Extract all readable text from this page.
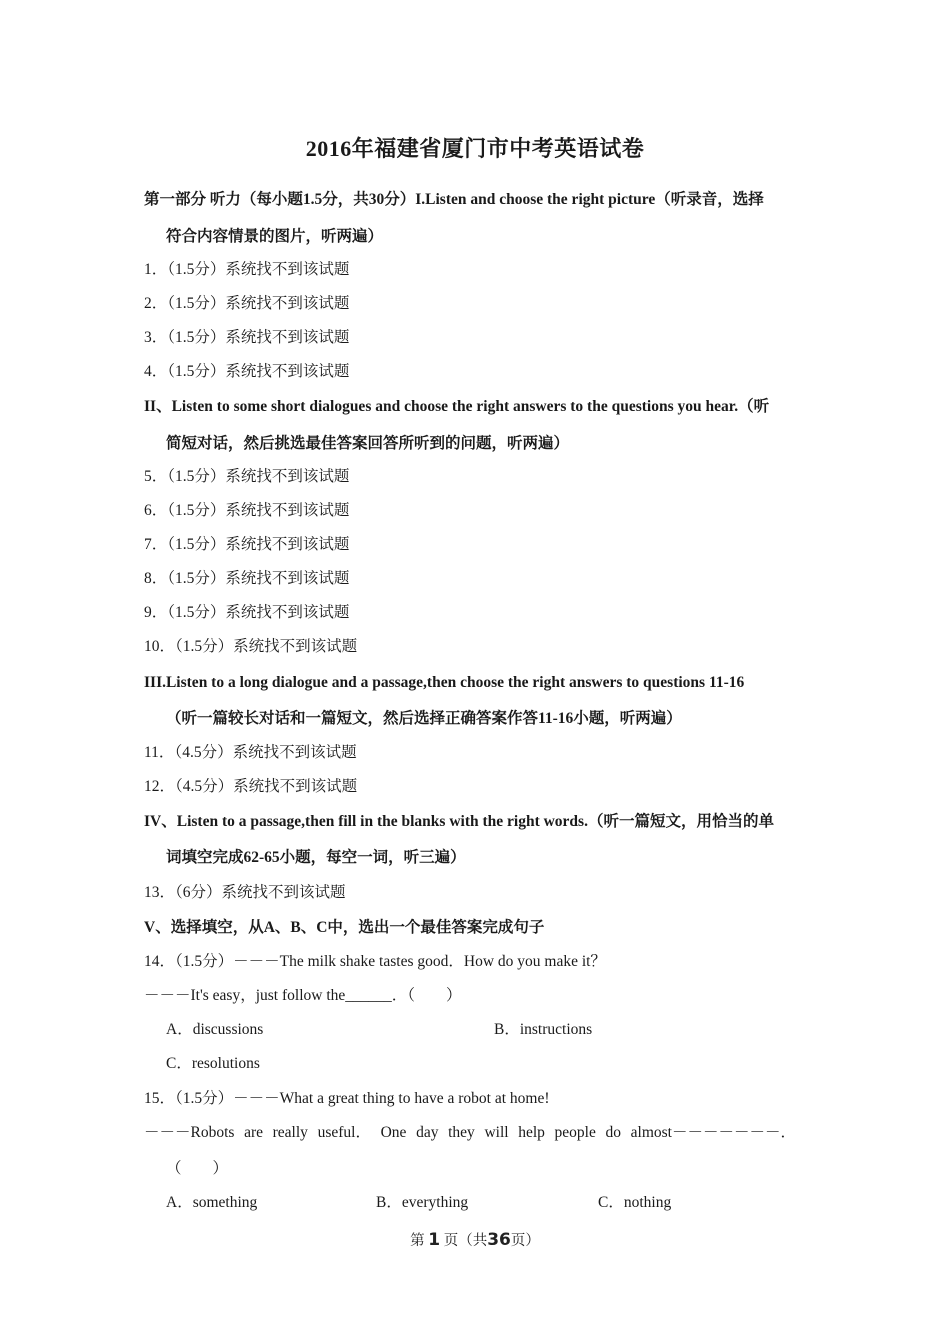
2016年福建省厦门市中考英语试卷
第一部分 听力（每小题1.5分，共30分）I.Listen and choose the right picture（听录音，选择
符合内容情景的图片，听两遍）
1．（1.5分）系统找不到该试题
2．（1.5分）系统找不到该试题
3．（1.5分）系统找不到该试题
4．（1.5分）系统找不到该试题
II、Listen to some short dialogues and choose the right answers to the questions you hear.（听
简短对话，然后挑选最佳答案回答所听到的问题，听两遍）
5．（1.5分）系统找不到该试题
6．（1.5分）系统找不到该试题
7．（1.5分）系统找不到该试题
8．（1.5分）系统找不到该试题
9．（1.5分）系统找不到该试题
10．（1.5分）系统找不到该试题
III.Listen to a long dialogue and a passage,then choose the right answers to questions 11-16
（听一篇较长对话和一篇短文，然后选择正确答案作答11-16小题，听两遍）
11．（4.5分）系统找不到该试题
12．（4.5分）系统找不到该试题
IV、Listen to a passage,then fill in the blanks with the right words.（听一篇短文，用恰当的单
词填空完成62-65小题，每空一词，听三遍）
13．（6分）系统找不到该试题
V、选择填空，从A、B、C中，选出一个最佳答案完成句子
14．（1.5分）－－－The milk shake tastes good．How do you make it？
－－－It's easy，just follow the______．（　　）
A．discussions	B．instructions
C．resolutions
15．（1.5分）－－－What a great thing to have a robot at home!
－－－Robots are really useful． One day they will help people do almost－－－－－－－．
（　　）
A．something	B．everything	C．nothing
第 1 页（共36页）
